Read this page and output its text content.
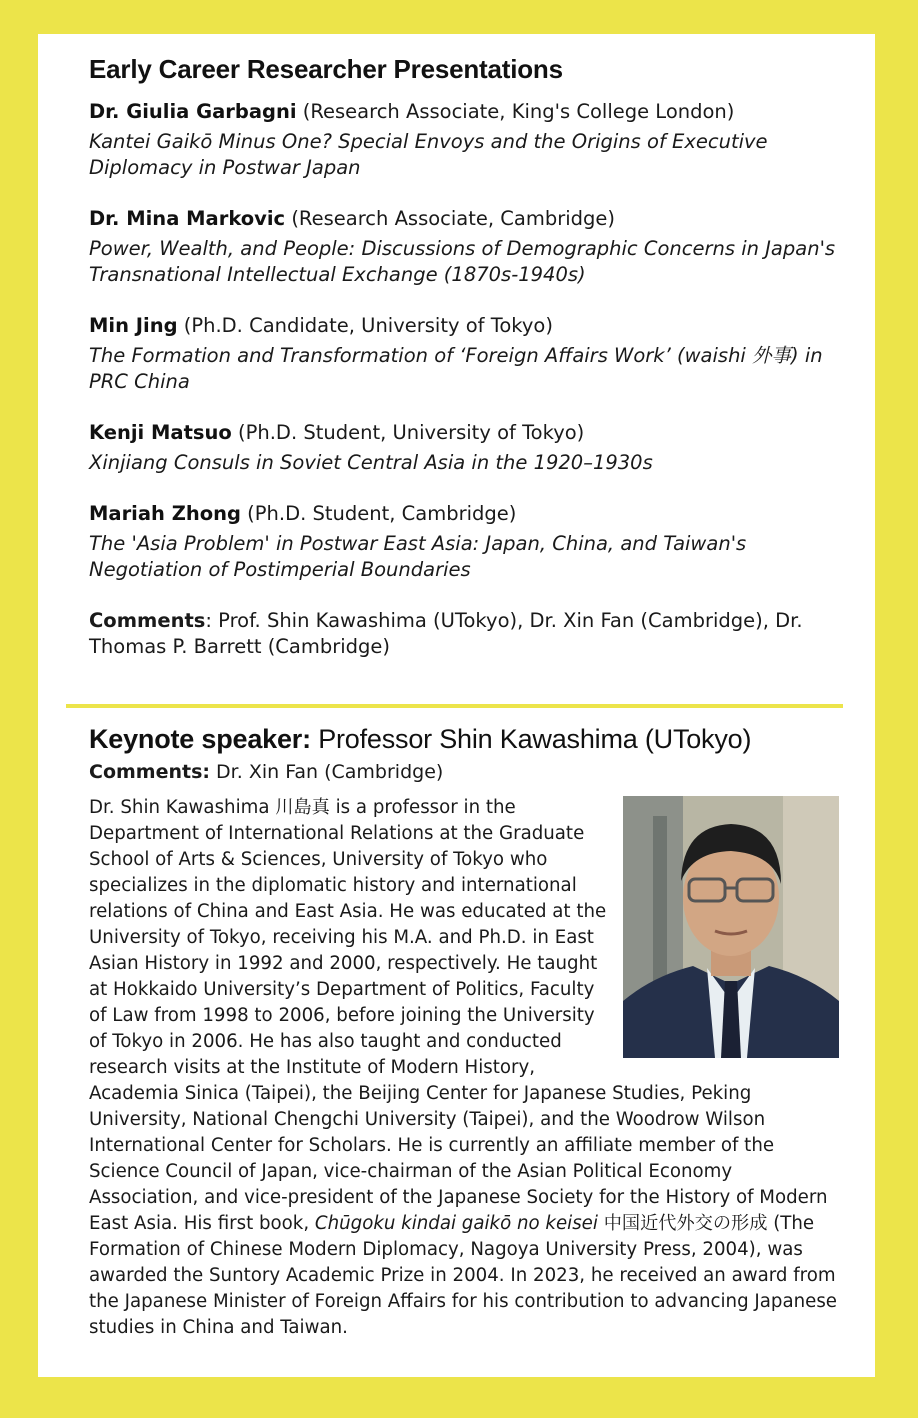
Early Career Researcher Presentations
Dr. Giulia Garbagni (Research Associate, King's College London)
Kantei Gaikō Minus One? Special Envoys and the Origins of Executive Diplomacy in Postwar Japan
Dr. Mina Markovic (Research Associate, Cambridge)
Power, Wealth, and People: Discussions of Demographic Concerns in Japan's Transnational Intellectual Exchange (1870s-1940s)
Min Jing (Ph.D. Candidate, University of Tokyo)
The Formation and Transformation of ‘Foreign Affairs Work’ (waishi 外事) in PRC China
Kenji Matsuo (Ph.D. Student, University of Tokyo)
Xinjiang Consuls in Soviet Central Asia in the 1920–1930s
Mariah Zhong (Ph.D. Student, Cambridge)
The 'Asia Problem' in Postwar East Asia: Japan, China, and Taiwan's Negotiation of Postimperial Boundaries
Comments: Prof. Shin Kawashima (UTokyo), Dr. Xin Fan (Cambridge), Dr. Thomas P. Barrett (Cambridge)
Keynote speaker: Professor Shin Kawashima (UTokyo)
Comments: Dr. Xin Fan (Cambridge)
Dr. Shin Kawashima 川島真 is a professor in the Department of International Relations at the Graduate School of Arts & Sciences, University of Tokyo who specializes in the diplomatic history and international relations of China and East Asia. He was educated at the University of Tokyo, receiving his M.A. and Ph.D. in East Asian History in 1992 and 2000, respectively. He taught at Hokkaido University’s Department of Politics, Faculty of Law from 1998 to 2006, before joining the University of Tokyo in 2006. He has also taught and conducted research visits at the Institute of Modern History, Academia Sinica (Taipei), the Beijing Center for Japanese Studies, Peking University, National Chengchi University (Taipei), and the Woodrow Wilson International Center for Scholars. He is currently an affiliate member of the Science Council of Japan, vice-chairman of the Asian Political Economy Association, and vice-president of the Japanese Society for the History of Modern East Asia. His first book, Chūgoku kindai gaikō no keisei 中国近代外交の形成 (The Formation of Chinese Modern Diplomacy, Nagoya University Press, 2004), was awarded the Suntory Academic Prize in 2004. In 2023, he received an award from the Japanese Minister of Foreign Affairs for his contribution to advancing Japanese studies in China and Taiwan.
